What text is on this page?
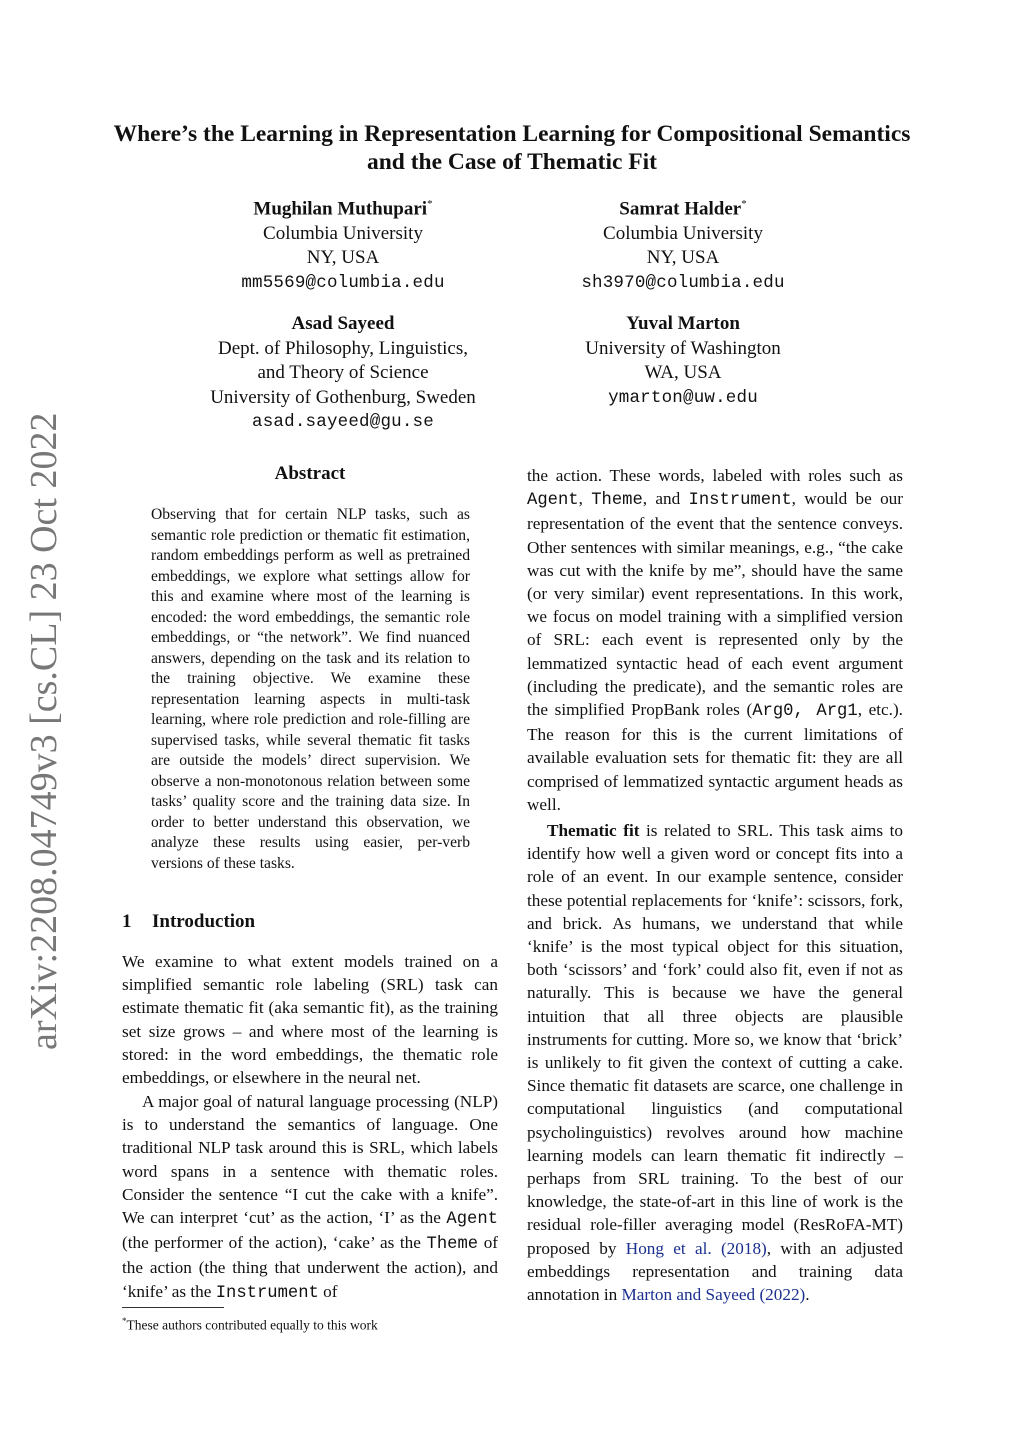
arXiv:2208.04749v3 [cs.CL] 23 Oct 2022
Where’s the Learning in Representation Learning for Compositional Semantics and the Case of Thematic Fit
Mughilan Muthupari*
Columbia University
NY, USA
mm5569@columbia.edu
Samrat Halder*
Columbia University
NY, USA
sh3970@columbia.edu
Asad Sayeed
Dept. of Philosophy, Linguistics,
and Theory of Science
University of Gothenburg, Sweden
asad.sayeed@gu.se
Yuval Marton
University of Washington
WA, USA
ymarton@uw.edu
Abstract

Observing that for certain NLP tasks, such as semantic role prediction or thematic fit estimation, random embeddings perform as well as pretrained embeddings, we explore what settings allow for this and examine where most of the learning is encoded: the word embeddings, the semantic role embeddings, or “the network”. We find nuanced answers, depending on the task and its relation to the training objective. We examine these representation learning aspects in multi-task learning, where role prediction and role-filling are supervised tasks, while several thematic fit tasks are outside the models’ direct supervision. We observe a non-monotonous relation between some tasks’ quality score and the training data size. In order to better understand this observation, we analyze these results using easier, per-verb versions of these tasks.

1 Introduction

We examine to what extent models trained on a simplified semantic role labeling (SRL) task can estimate thematic fit (aka semantic fit), as the training set size grows – and where most of the learning is stored: in the word embeddings, the thematic role embeddings, or elsewhere in the neural net.

A major goal of natural language processing (NLP) is to understand the semantics of language. One traditional NLP task around this is SRL, which labels word spans in a sentence with thematic roles. Consider the sentence “I cut the cake with a knife”. We can interpret ‘cut’ as the action, ‘I’ as the Agent (the performer of the action), ‘cake’ as the Theme of the action (the thing that underwent the action), and ‘knife’ as the Instrument of

*These authors contributed equally to this work

the action. These words, labeled with roles such as Agent, Theme, and Instrument, would be our representation of the event that the sentence conveys. Other sentences with similar meanings, e.g., “the cake was cut with the knife by me”, should have the same (or very similar) event representations. In this work, we focus on model training with a simplified version of SRL: each event is represented only by the lemmatized syntactic head of each event argument (including the predicate), and the semantic roles are the simplified PropBank roles (Arg0, Arg1, etc.). The reason for this is the current limitations of available evaluation sets for thematic fit: they are all comprised of lemmatized syntactic argument heads as well.

Thematic fit is related to SRL. This task aims to identify how well a given word or concept fits into a role of an event. In our example sentence, consider these potential replacements for ‘knife’: scissors, fork, and brick. As humans, we understand that while ‘knife’ is the most typical object for this situation, both ‘scissors’ and ‘fork’ could also fit, even if not as naturally. This is because we have the general intuition that all three objects are plausible instruments for cutting. More so, we know that ‘brick’ is unlikely to fit given the context of cutting a cake. Since thematic fit datasets are scarce, one challenge in computational linguistics (and computational psycholinguistics) revolves around how machine learning models can learn thematic fit indirectly – perhaps from SRL training. To the best of our knowledge, the state-of-art in this line of work is the residual role-filler averaging model (ResRoFA-MT) proposed by Hong et al. (2018), with an adjusted embeddings representation and training data annotation in Marton and Sayeed (2022).
